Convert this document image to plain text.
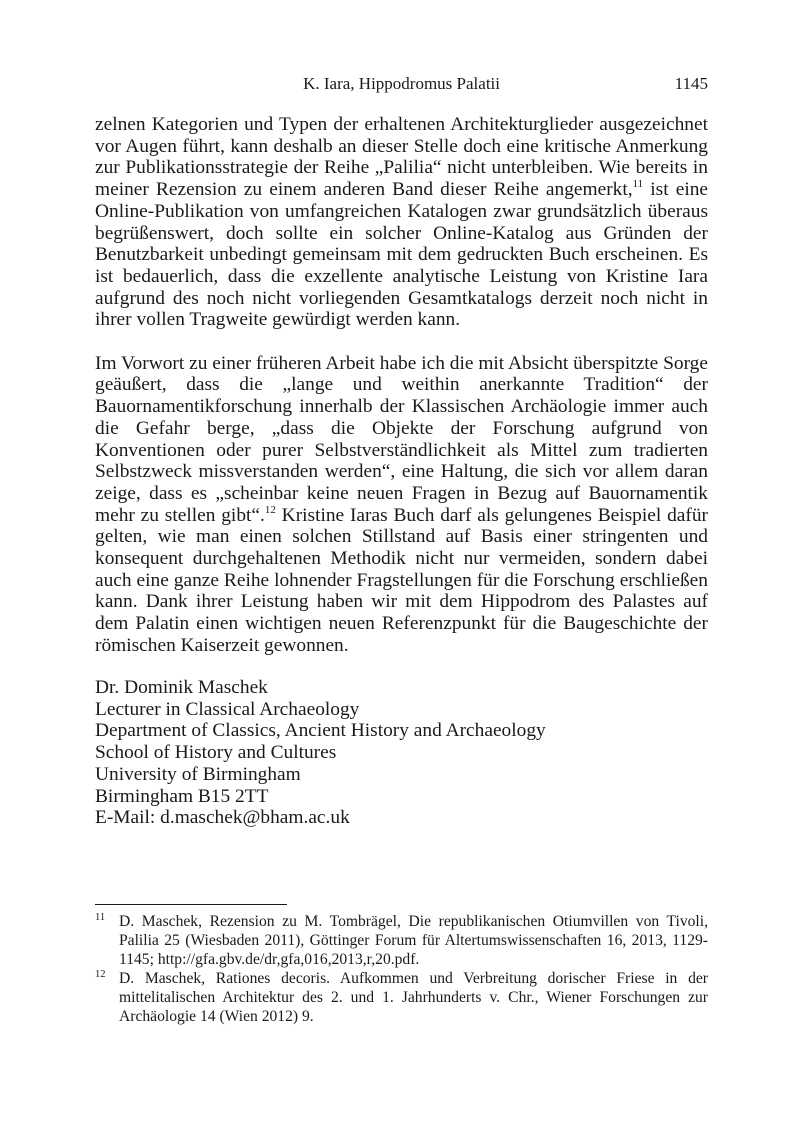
K. Iara, Hippodromus Palatii	1145

zelnen Kategorien und Typen der erhaltenen Architekturglieder ausgezeichnet vor Augen führt, kann deshalb an dieser Stelle doch eine kritische Anmerkung zur Publikationsstrategie der Reihe „Palilia“ nicht unterbleiben. Wie bereits in meiner Rezension zu einem anderen Band dieser Reihe angemerkt,$^{11}$ ist eine Online-Publikation von umfangreichen Katalogen zwar grundsätzlich überaus begrüßenswert, doch sollte ein solcher Online-Katalog aus Gründen der Benutzbarkeit unbedingt gemeinsam mit dem gedruckten Buch erscheinen. Es ist bedauerlich, dass die exzellente analytische Leistung von Kristine Iara aufgrund des noch nicht vorliegenden Gesamtkatalogs derzeit noch nicht in ihrer vollen Tragweite gewürdigt werden kann.

Im Vorwort zu einer früheren Arbeit habe ich die mit Absicht überspitzte Sorge geäußert, dass die „lange und weithin anerkannte Tradition“ der Bauornamentikforschung innerhalb der Klassischen Archäologie immer auch die Gefahr berge, „dass die Objekte der Forschung aufgrund von Konventionen oder purer Selbstverständlichkeit als Mittel zum tradierten Selbstzweck missverstanden werden“, eine Haltung, die sich vor allem daran zeige, dass es „scheinbar keine neuen Fragen in Bezug auf Bauornamentik mehr zu stellen gibt“.$^{12}$ Kristine Iaras Buch darf als gelungenes Beispiel dafür gelten, wie man einen solchen Stillstand auf Basis einer stringenten und konsequent durchgehaltenen Methodik nicht nur vermeiden, sondern dabei auch eine ganze Reihe lohnender Fragstellungen für die Forschung erschließen kann. Dank ihrer Leistung haben wir mit dem Hippodrom des Palastes auf dem Palatin einen wichtigen neuen Referenzpunkt für die Baugeschichte der römischen Kaiserzeit gewonnen.

Dr. Dominik Maschek
Lecturer in Classical Archaeology
Department of Classics, Ancient History and Archaeology
School of History and Cultures
University of Birmingham
Birmingham B15 2TT
E-Mail: d.maschek@bham.ac.uk
11 D. Maschek, Rezension zu M. Tombrägel, Die republikanischen Otiumvillen von Tivoli, Palilia 25 (Wiesbaden 2011), Göttinger Forum für Altertumswissenschaften 16, 2013, 1129-1145; http://gfa.gbv.de/dr,gfa,016,2013,r,20.pdf.
12 D. Maschek, Rationes decoris. Aufkommen und Verbreitung dorischer Friese in der mittelitalischen Architektur des 2. und 1. Jahrhunderts v. Chr., Wiener Forschungen zur Archäologie 14 (Wien 2012) 9.
